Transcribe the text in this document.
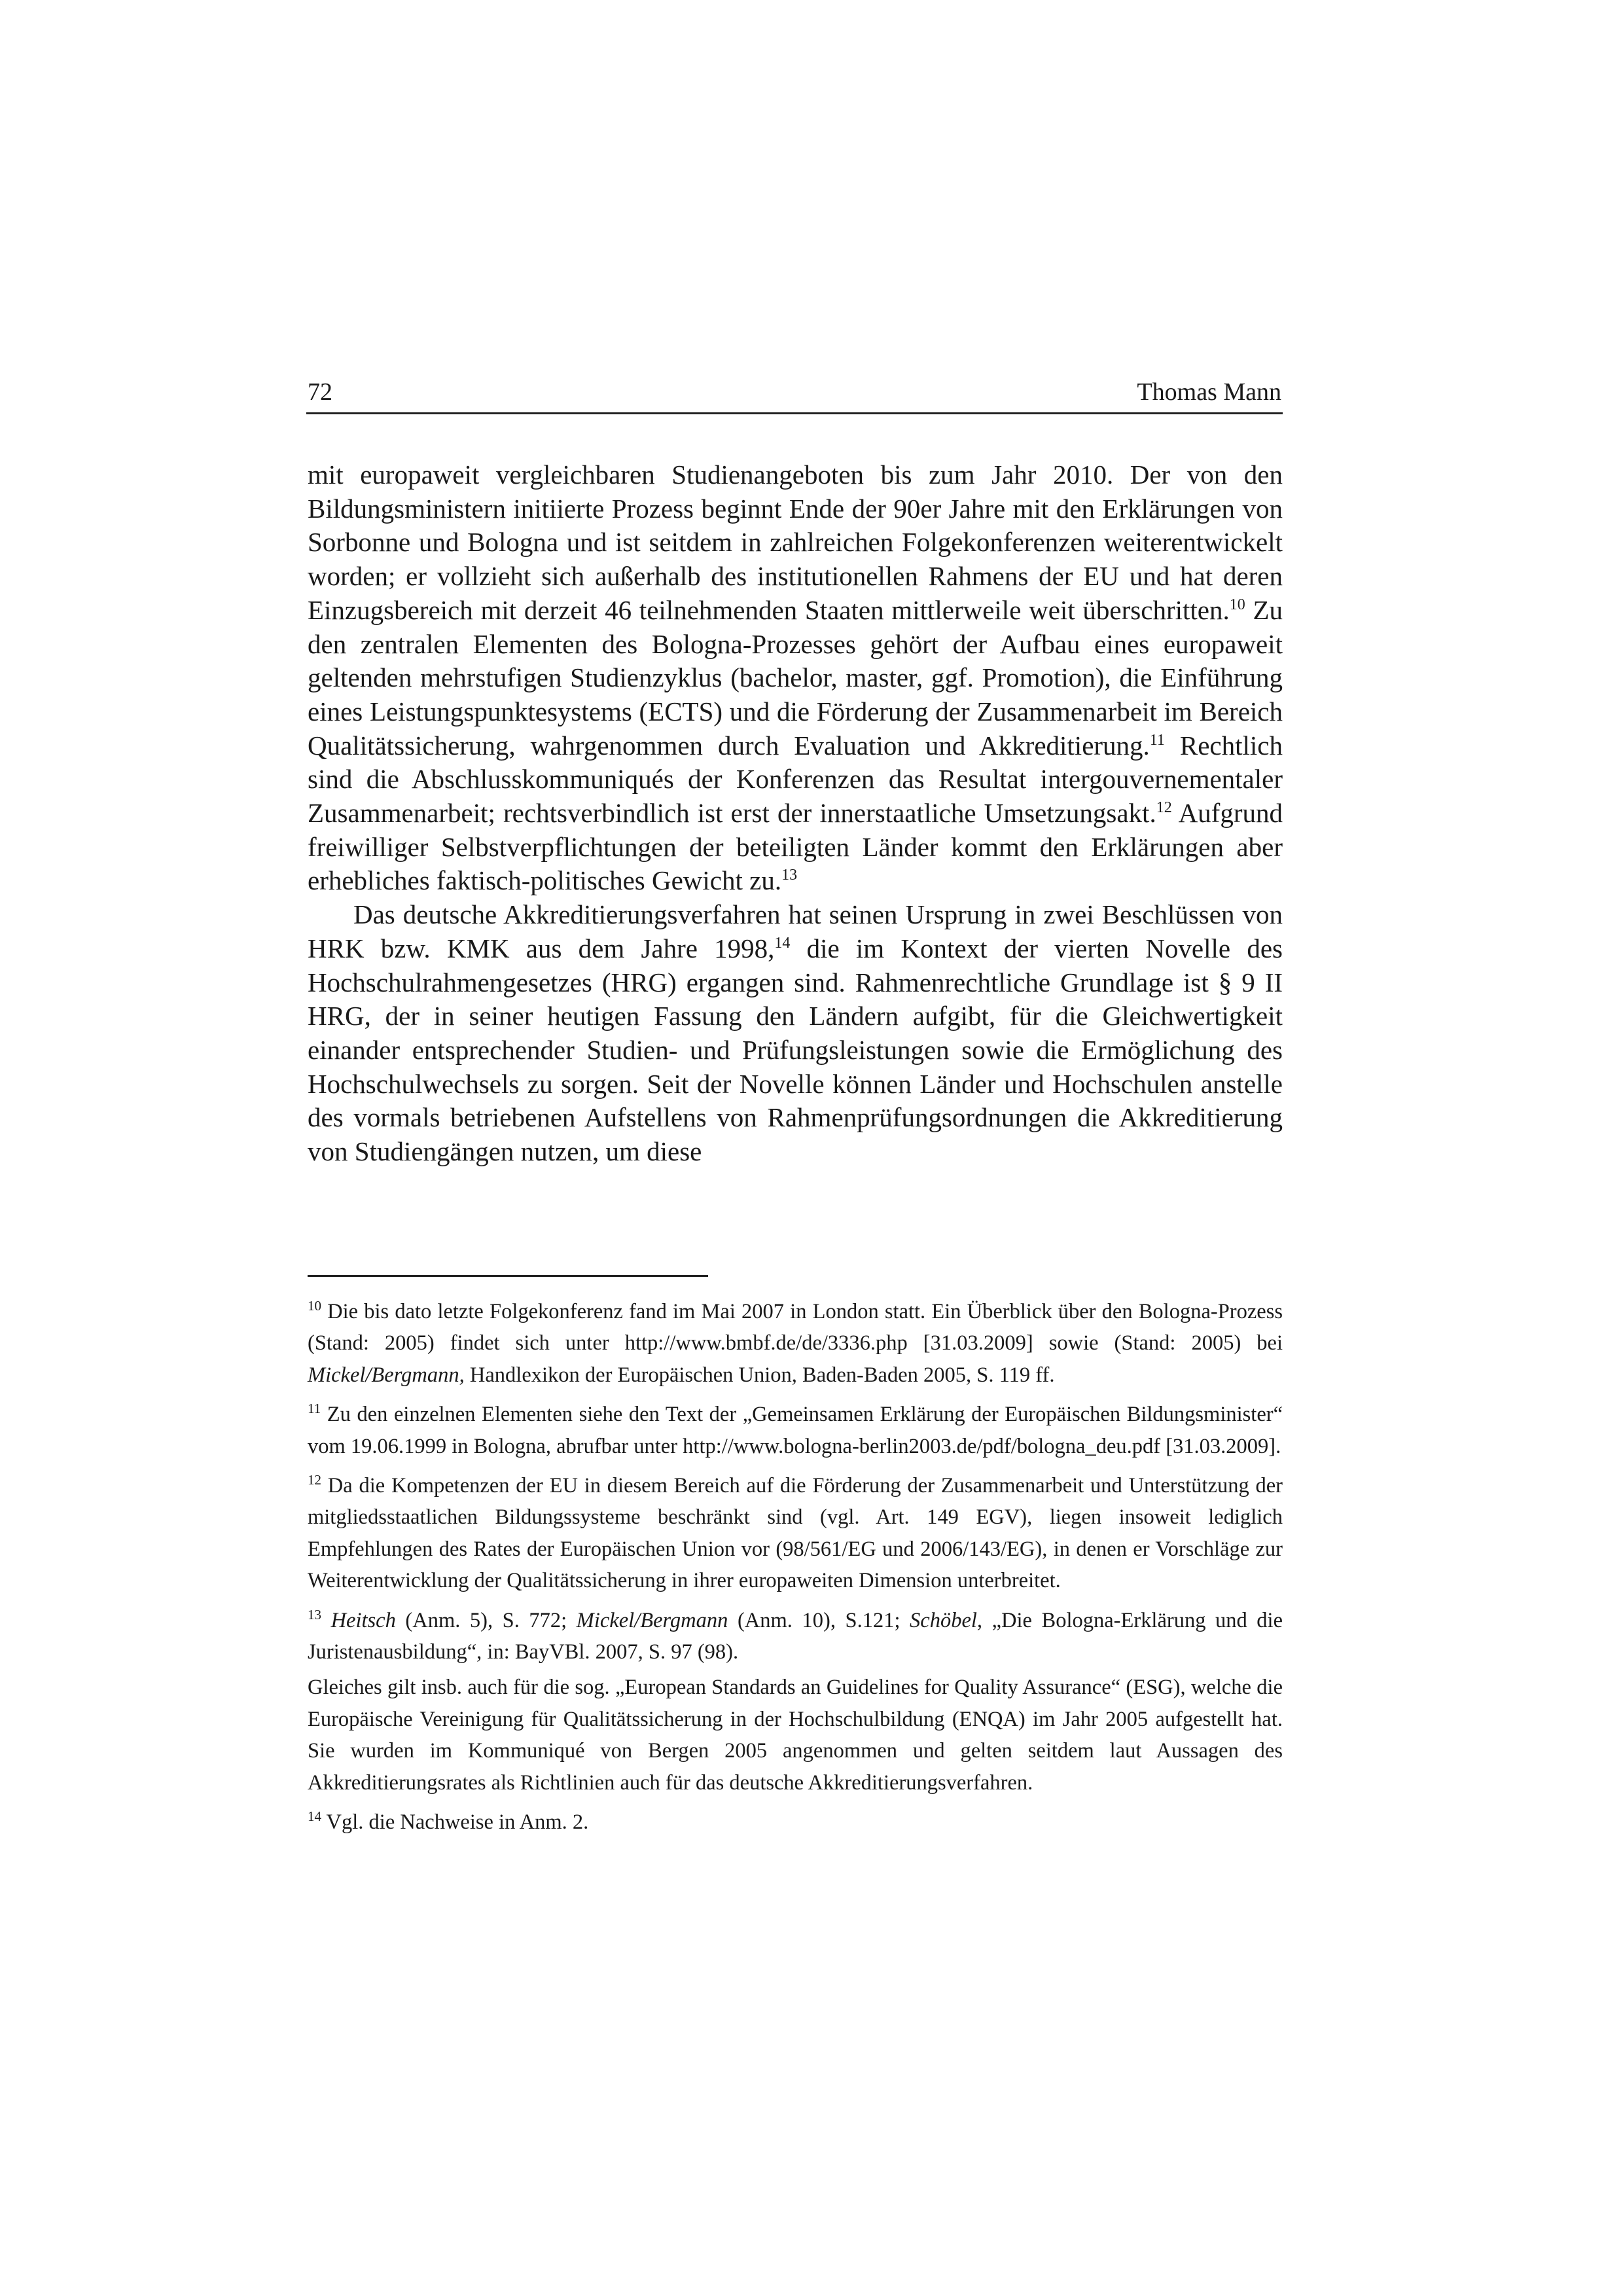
72	Thomas Mann

mit europaweit vergleichbaren Studienangeboten bis zum Jahr 2010. Der von den Bildungsministern initiierte Prozess beginnt Ende der 90er Jahre mit den Erklärungen von Sorbonne und Bologna und ist seitdem in zahlreichen Folgekonferenzen weiterentwickelt worden; er vollzieht sich außerhalb des institutionellen Rahmens der EU und hat deren Einzugsbereich mit derzeit 46 teilnehmenden Staaten mittlerweile weit überschritten.$^{10}$ Zu den zentralen Elementen des Bologna-Prozesses gehört der Aufbau eines europaweit geltenden mehrstufigen Studienzyklus (bachelor, master, ggf. Promotion), die Einführung eines Leistungspunktesystems (ECTS) und die Förderung der Zusammenarbeit im Bereich Qualitätssicherung, wahrgenommen durch Evaluation und Akkreditierung.$^{11}$ Rechtlich sind die Abschlusskommuniqués der Konferenzen das Resultat intergouvernementaler Zusammenarbeit; rechtsverbindlich ist erst der innerstaatliche Umsetzungsakt.$^{12}$ Aufgrund freiwilliger Selbstverpflichtungen der beteiligten Länder kommt den Erklärungen aber erhebliches faktisch-politisches Gewicht zu.$^{13}$

Das deutsche Akkreditierungsverfahren hat seinen Ursprung in zwei Beschlüssen von HRK bzw. KMK aus dem Jahre 1998,14 die im Kontext der vierten Novelle des Hochschulrahmengesetzes (HRG) ergangen sind. Rahmenrechtliche Grundlage ist § 9 II HRG, der in seiner heutigen Fassung den Ländern aufgibt, für die Gleichwertigkeit einander entsprechender Studien- und Prüfungsleistungen sowie die Ermöglichung des Hochschulwechsels zu sorgen. Seit der Novelle können Länder und Hochschulen anstelle des vormals betriebenen Aufstellens von Rahmenprüfungsordnungen die Akkreditierung von Studiengängen nutzen, um diese

$^{10}$ Die bis dato letzte Folgekonferenz fand im Mai 2007 in London statt. Ein Überblick über den Bologna-Prozess (Stand: 2005) findet sich unter http://www.bmbf.de/de/3336.php [31.03.2009] sowie (Stand: 2005) bei Mickel/Bergmann, Handlexikon der Europäischen Union, Baden-Baden 2005, S. 119 ff.

$^{11}$ Zu den einzelnen Elementen siehe den Text der „Gemeinsamen Erklärung der Europäischen Bildungsminister“ vom 19.06.1999 in Bologna, abrufbar unter http://www.bologna-berlin2003.de/pdf/bologna_deu.pdf [31.03.2009].

$^{12}$ Da die Kompetenzen der EU in diesem Bereich auf die Förderung der Zusammenarbeit und Unterstützung der mitgliedsstaatlichen Bildungssysteme beschränkt sind (vgl. Art. 149 EGV), liegen insoweit lediglich Empfehlungen des Rates der Europäischen Union vor (98/561/EG und 2006/143/EG), in denen er Vorschläge zur Weiterentwicklung der Qualitätssicherung in ihrer europaweiten Dimension unterbreitet.

$^{13}$ Heitsch (Anm. 5), S. 772; Mickel/Bergmann (Anm. 10), S.121; Schöbel, „Die Bologna-Erklärung und die Juristenausbildung“, in: BayVBl. 2007, S. 97 (98).

Gleiches gilt insb. auch für die sog. „European Standards an Guidelines for Quality Assurance“ (ESG), welche die Europäische Vereinigung für Qualitätssicherung in der Hochschulbildung (ENQA) im Jahr 2005 aufgestellt hat. Sie wurden im Kommuniqué von Bergen 2005 angenommen und gelten seitdem laut Aussagen des Akkreditierungsrates als Richtlinien auch für das deutsche Akkreditierungsverfahren.

$^{14}$ Vgl. die Nachweise in Anm. 2.
